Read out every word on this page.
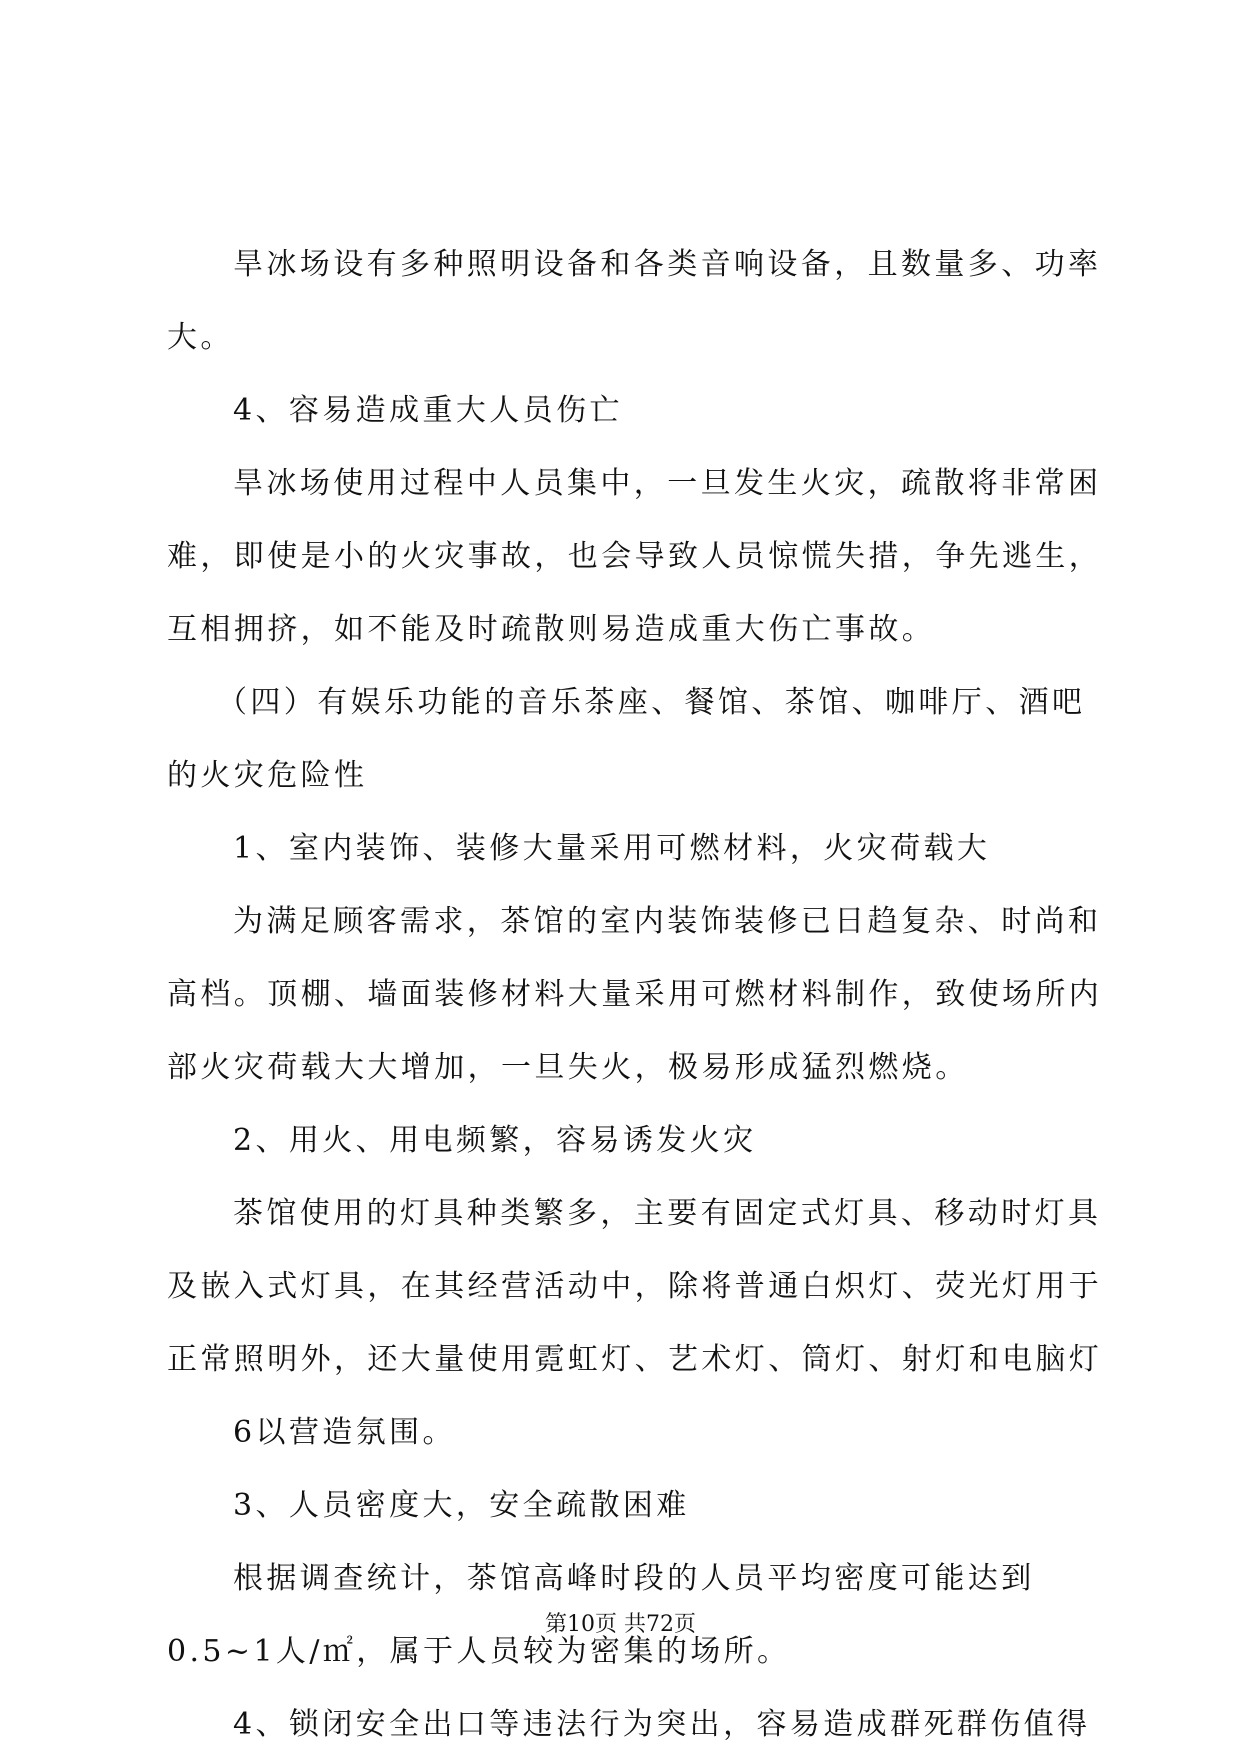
旱冰场设有多种照明设备和各类音响设备，且数量多、功率
大。
4、容易造成重大人员伤亡
旱冰场使用过程中人员集中，一旦发生火灾，疏散将非常困
难，即使是小的火灾事故，也会导致人员惊慌失措，争先逃生，
互相拥挤，如不能及时疏散则易造成重大伤亡事故。
（四）有娱乐功能的音乐茶座、餐馆、茶馆、咖啡厅、酒吧
的火灾危险性
1、室内装饰、装修大量采用可燃材料，火灾荷载大
为满足顾客需求，茶馆的室内装饰装修已日趋复杂、时尚和
高档。顶棚、墙面装修材料大量采用可燃材料制作，致使场所内
部火灾荷载大大增加，一旦失火，极易形成猛烈燃烧。
2、用火、用电频繁，容易诱发火灾
茶馆使用的灯具种类繁多，主要有固定式灯具、移动时灯具
及嵌入式灯具，在其经营活动中，除将普通白炽灯、荧光灯用于
正常照明外，还大量使用霓虹灯、艺术灯、筒灯、射灯和电脑灯
6以营造氛围。
3、人员密度大，安全疏散困难
根据调查统计，茶馆高峰时段的人员平均密度可能达到
0.5~1人/㎡，属于人员较为密集的场所。
4、锁闭安全出口等违法行为突出，容易造成群死群伤值得
第10页 共72页
